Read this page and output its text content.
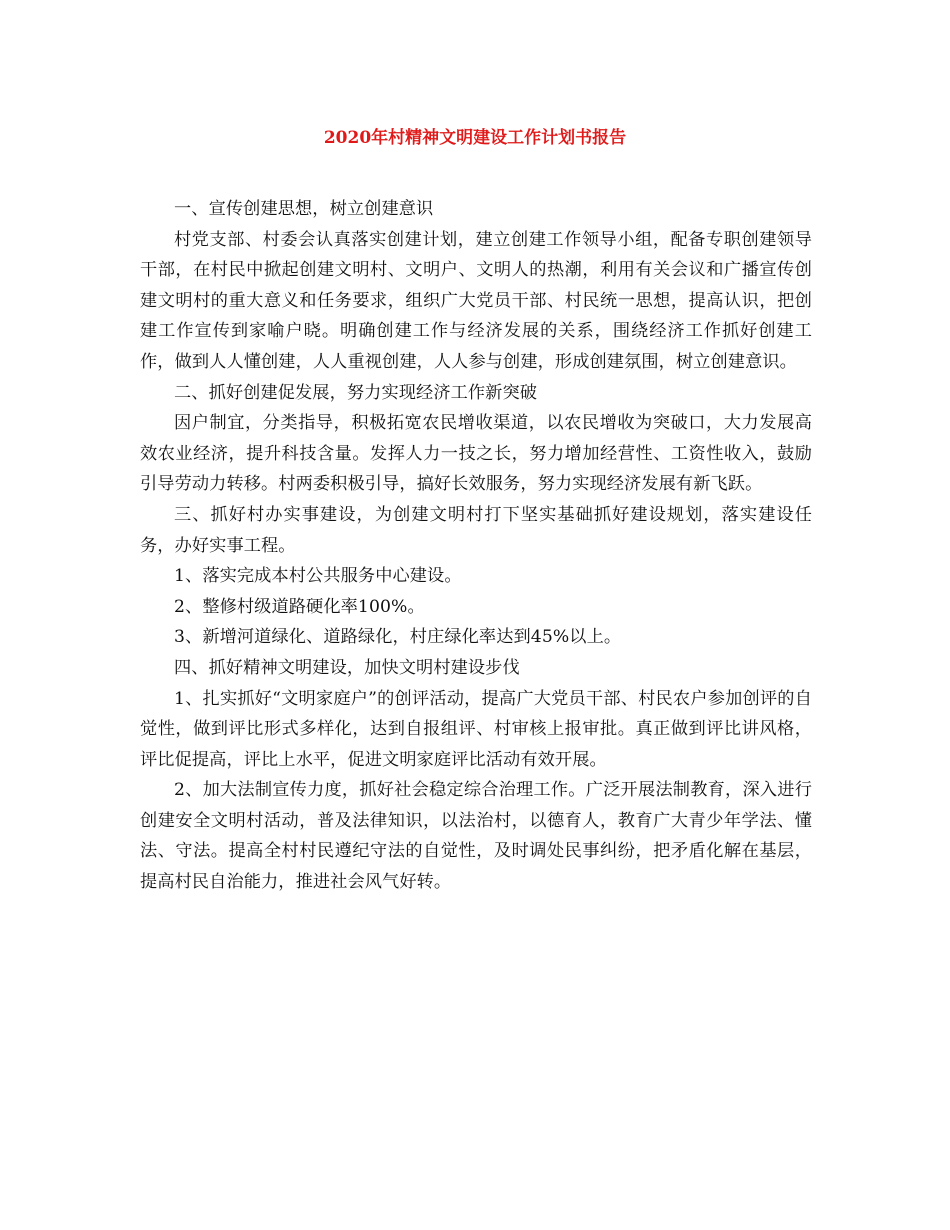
2020年村精神文明建设工作计划书报告

一、宣传创建思想，树立创建意识

村党支部、村委会认真落实创建计划，建立创建工作领导小组，配备专职创建领导干部，在村民中掀起创建文明村、文明户、文明人的热潮，利用有关会议和广播宣传创建文明村的重大意义和任务要求，组织广大党员干部、村民统一思想，提高认识，把创建工作宣传到家喻户晓。明确创建工作与经济发展的关系，围绕经济工作抓好创建工作，做到人人懂创建，人人重视创建，人人参与创建，形成创建氛围，树立创建意识。

二、抓好创建促发展，努力实现经济工作新突破

因户制宜，分类指导，积极拓宽农民增收渠道，以农民增收为突破口，大力发展高效农业经济，提升科技含量。发挥人力一技之长，努力增加经营性、工资性收入，鼓励引导劳动力转移。村两委积极引导，搞好长效服务，努力实现经济发展有新飞跃。

三、抓好村办实事建设，为创建文明村打下坚实基础抓好建设规划，落实建设任务，办好实事工程。

1、落实完成本村公共服务中心建设。

2、整修村级道路硬化率100%。

3、新增河道绿化、道路绿化，村庄绿化率达到45%以上。

四、抓好精神文明建设，加快文明村建设步伐

1、扎实抓好“文明家庭户”的创评活动，提高广大党员干部、村民农户参加创评的自觉性，做到评比形式多样化，达到自报组评、村审核上报审批。真正做到评比讲风格，评比促提高，评比上水平，促进文明家庭评比活动有效开展。

2、加大法制宣传力度，抓好社会稳定综合治理工作。广泛开展法制教育，深入进行创建安全文明村活动，普及法律知识，以法治村，以德育人，教育广大青少年学法、懂法、守法。提高全村村民遵纪守法的自觉性，及时调处民事纠纷，把矛盾化解在基层，提高村民自治能力，推进社会风气好转。
